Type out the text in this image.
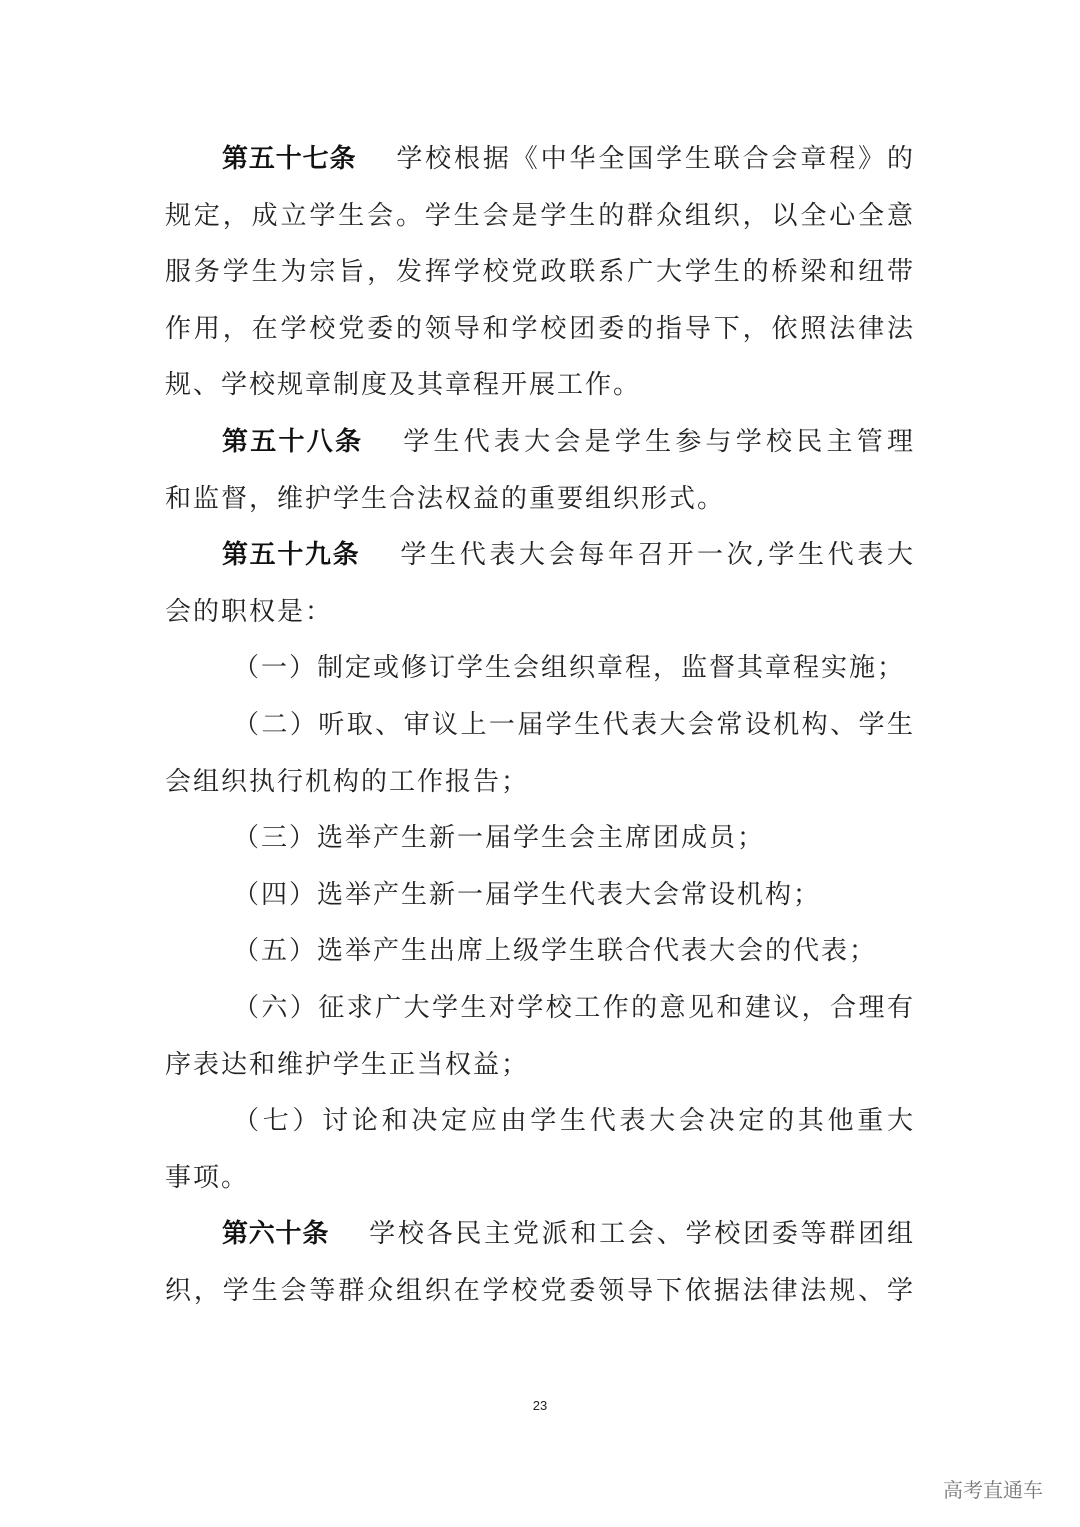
第五十七条 学校根据《中华全国学生联合会章程》的
规定，成立学生会。学生会是学生的群众组织，以全心全意
服务学生为宗旨，发挥学校党政联系广大学生的桥梁和纽带
作用，在学校党委的领导和学校团委的指导下，依照法律法
规、学校规章制度及其章程开展工作。
第五十八条 学生代表大会是学生参与学校民主管理
和监督，维护学生合法权益的重要组织形式。
第五十九条 学生代表大会每年召开一次,学生代表大
会的职权是：
（一）制定或修订学生会组织章程，监督其章程实施；
（二）听取、审议上一届学生代表大会常设机构、学生
会组织执行机构的工作报告；
（三）选举产生新一届学生会主席团成员；
（四）选举产生新一届学生代表大会常设机构；
（五）选举产生出席上级学生联合代表大会的代表；
（六）征求广大学生对学校工作的意见和建议，合理有
序表达和维护学生正当权益；
（七）讨论和决定应由学生代表大会决定的其他重大
事项。
第六十条 学校各民主党派和工会、学校团委等群团组
织，学生会等群众组织在学校党委领导下依据法律法规、学
23
高考直通车
